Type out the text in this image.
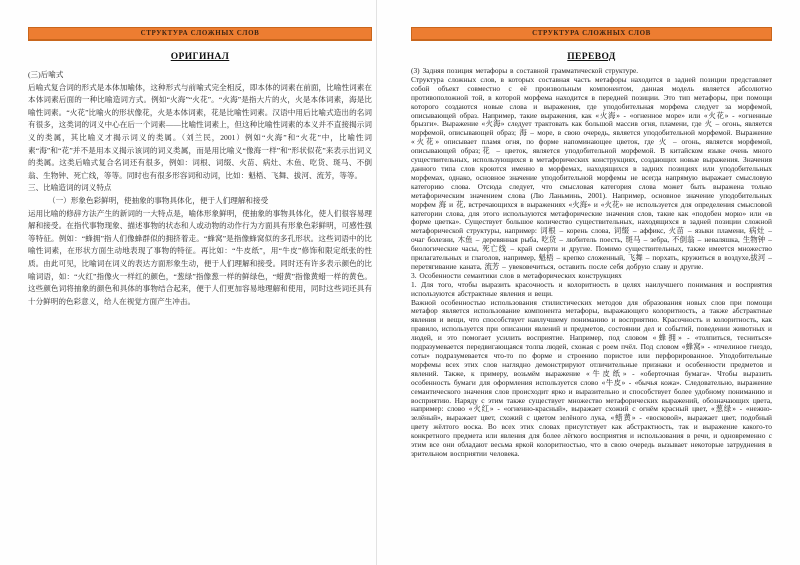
СТРУКТУРА СЛОЖНЫХ СЛОВ
ОРИГИНАЛ

(三)后喻式

后喻式复合词的形式是本体加喻体，这种形式与前喻式完全相反，即本体的词素在前面，比喻性词素在本体词素后面的一种比喻造词方式。例如“火海”“火花”。“火海”是指大片的火，火是本体词素，海是比喻性词素。“火花”比喻火的形状像花，火是本体词素，花是比喻性词素。汉语中用后比喻式造出的名词有很多，这类词的词义中心在后一个词素——比喻性词素上，但这种比喻性词素的本义并不直接揭示词义的类属，其比喻义才揭示词义的类属。（刘兰民，2001）例如“火海”和“火花”中，比喻性词素“海”和“花”并不是用本义揭示该词的词义类属，而是用比喻义“像海一样”和“形状似花”来表示出词义的类属。这类后喻式复合名词还有很多，例如：词根、词缀、火苗、病灶、木鱼、吃货、斑马、不倒翁、生物钟、死亡线，等等。同时也有很多形容词和动词，比如：魁梧、飞舞、拔河、流芳，等等。

三、比喻造词的词义特点

（一）形象色彩鲜明，使抽象的事物具体化，便于人们理解和接受

运用比喻的修辞方法产生的新词的一大特点是，喻体形象鲜明，使抽象的事物具体化，使人们很容易理解和接受。在指代事物现象、描述事物的状态和人或动物的动作行为方面具有形象色彩鲜明，可感性强等特征。例如：“蜂拥”指人们像蜂群似的拥挤着走。“蜂窝”是指像蜂窝似的多孔形状。这些词语中的比喻性词素，在形状方面生动地表现了事物的特征。再比如：“牛皮纸”，用“牛皮”修饰和限定纸张的性质。由此可见，比喻词在词义的表达方面形象生动，便于人们理解和接受。同时还有许多表示颜色的比喻词语，如：“火红”指像火一样红的颜色，“葱绿”指像葱一样的鲜绿色，“蜡黄”指像黄蜡一样的黄色。这些颜色词将抽象的颜色和具体的事物结合起来，便于人们更加容易地理解和使用，同时这些词还具有十分鲜明的色彩意义，给人在视觉方面产生冲击。

СТРУКТУРА СЛОЖНЫХ СЛОВ
ПЕРЕВОД

(3) Задняя позиция метафоры в составной грамматической структуре.

Структура сложных слов, в которых составная часть метафоры находится в задней позиции представляет собой объект совместно с её произвольным компонентом, данная модель является абсолютно противоположной той, в которой морфема находится в передней позиции. Это тип метафоры, при помощи которого создаются новые слова и выражения, где уподобительная морфема следует за морфемой, описывающей образ. Например, такие выражения, как «火海» - «огненное море» или «火花» - «огненные брызги». Выражение «火海» следует трактовать как большой массив огня, пламени, где 火 – огонь, является морфемой, описывающей образ; 海 – море, в свою очередь, является уподобительной морфемой. Выражение «火花» описывает пламя огня, по форме напоминающее цветок, где 火 – огонь, является морфемой, описывающей образ;花 – цветок, является уподобительной морфемой. В китайском языке очень много существительных, использующихся в метафорических конструкциях, создающих новые выражения. Значения данного типа слов кроются именно в морфемах, находящихся в задних позициях или уподобительных морфемах, однако, основное значение уподобительной морфемы не всегда напрямую выражает смысловую категорию слова. Отсюда следует, что смысловая категория слова может быть выражена только метафорическим значением слова (Лю Ланьминь, 2001). Например, основное значение уподобительных морфем 海 и 花, встречающихся в выражениях «火海» и «火花» не используется для определения смысловой категории слова, для этого используются метафорические значения слов, такие как «подобен морю» или «в форме цветка». Существует большое количество существительных, находящихся в задней позиции сложной метафорической структуры, например: 词根 – корень слова, 词缀 – аффикс, 火苗 – языки пламени, 病灶 – очаг болезни, 木鱼 – деревянная рыба, 吃货 – любитель поесть, 斑马 – зебра, 不倒翁 – неваляшка, 生物钟 – биологические часы, 死亡线 – край смерти и другие. Помимо существительных, также имеется множество прилагательных и глаголов, например, 魁梧 – крепко сложенный, 飞舞 – порхать, кружиться в воздухе,拔河 – перетягивание каната, 流芳 – увековечиться, оставить после себя добрую славу и другие.

3. Особенности семантики слов в метафорических конструкциях

1. Для того, чтобы выразить красочность и колоритность в целях наилучшего понимания и восприятия используются абстрактные явления и вещи.

Важной особенностью использования стилистических методов для образования новых слов при помощи метафор является использование компонента метафоры, выражающего колоритность, а также абстрактные явления и вещи, что способствует наилучшему пониманию и восприятию. Красочность и колоритность, как правило, используется при описании явлений и предметов, состоянии дел и событий, поведении животных и людей, и это помогает усилить восприятие. Например, под словом «蜂拥» - «толпиться, тесниться» подразумевается передвигающаяся толпа людей, схожая с роем пчёл. Под словом «蜂窝» - «пчелиное гнездо, соты» подразумевается что-то по форме и строению пористое или перфорированное. Уподобительные морфемы всех этих слов наглядно демонстрируют отличительные признаки и особенности предметов и явлений. Также, к примеру, возьмём выражение «牛皮纸» - «оберточная бумага». Чтобы выразить особенность бумаги для оформления используется слово «牛皮» - «бычья кожа». Следовательно, выражение семантического значения слов происходит ярко и выразительно и способствует более удобному пониманию и восприятию. Наряду с этим также существует множество метафорических выражений, обозначающих цвета, например: слово «火红» - «огненно-красный», выражает схожий с огнём красный цвет, «葱绿» - «нежно-зелёный», выражает цвет, схожий с цветом зелёного лука, «蜡黄» - «восковой», выражает цвет, подобный цвету жёлтого воска. Во всех этих словах присутствует как абстрактность, так и выражение какого-то конкретного предмета или явления для более лёгкого восприятия и использования в речи, и одновременно с этим все они обладают весьма яркой колоритностью, что в свою очередь вызывает некоторые затруднения в зрительном восприятии человека.
